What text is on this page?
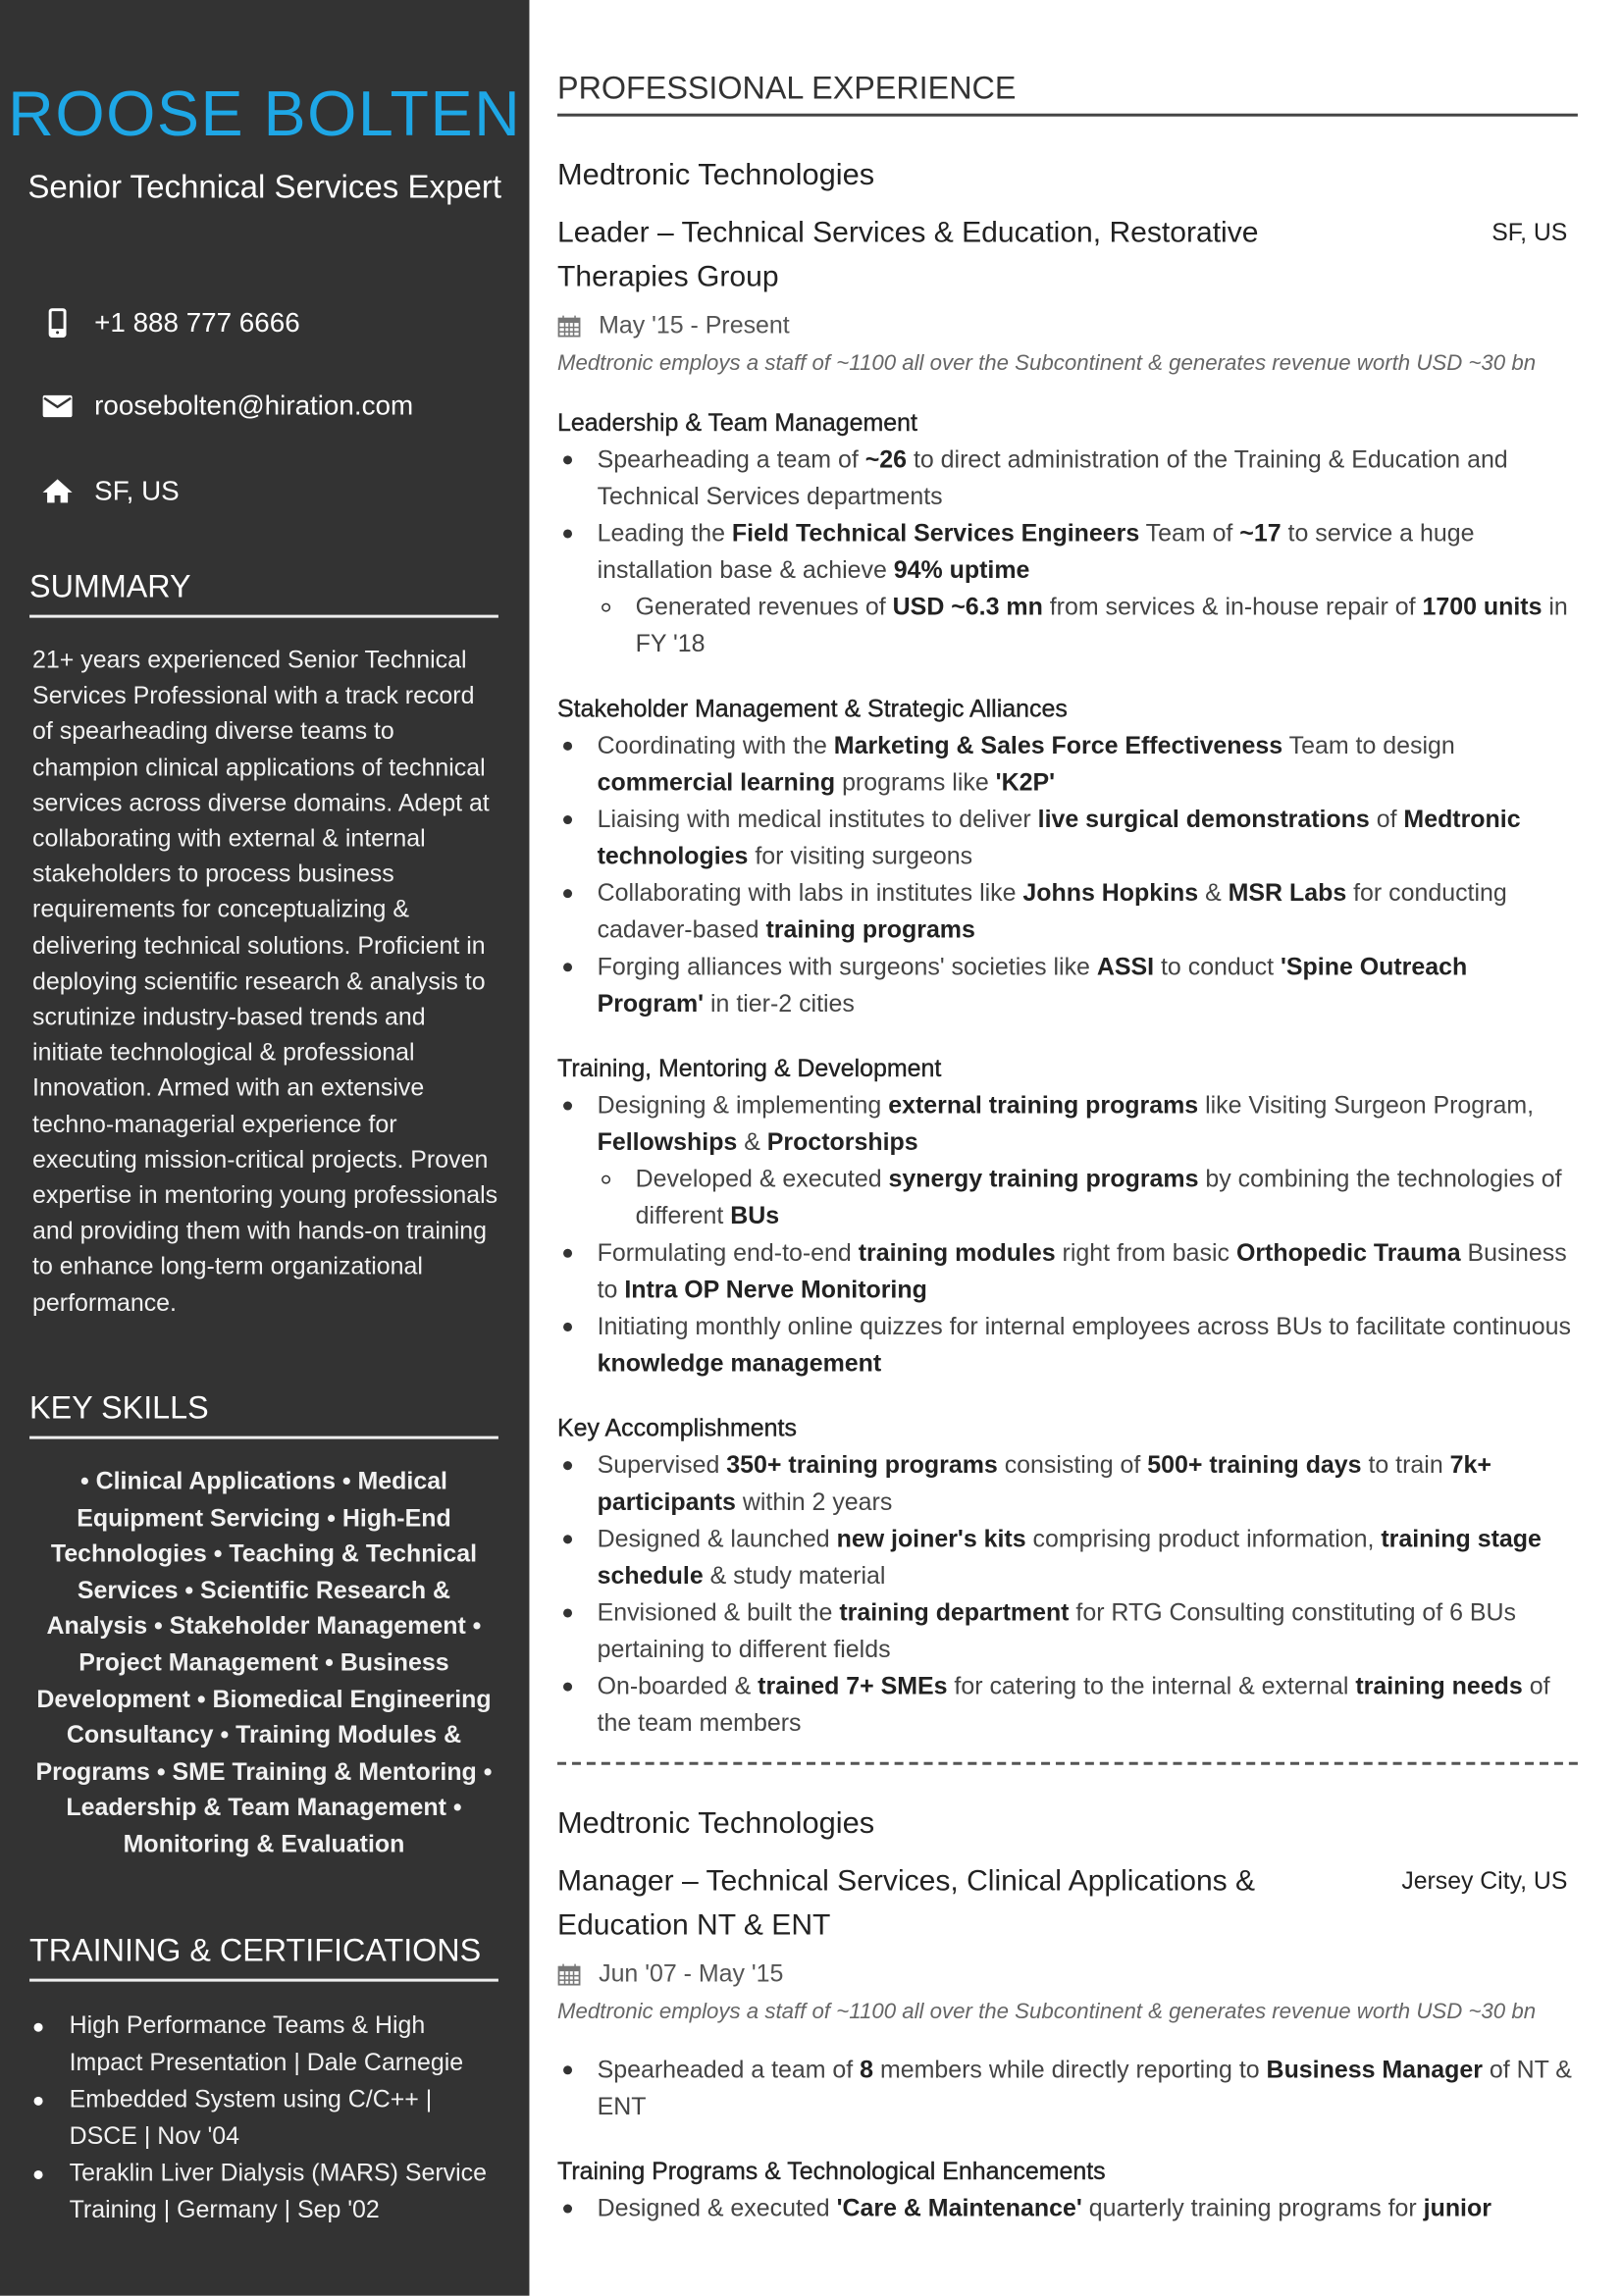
ROOSE BOLTEN
Senior Technical Services Expert
+1 888 777 6666
roosebolten@hiration.com
SF, US
SUMMARY
21+ years experienced Senior Technical Services Professional with a track record of spearheading diverse teams to champion clinical applications of technical services across diverse domains. Adept at collaborating with external & internal stakeholders to process business requirements for conceptualizing & delivering technical solutions. Proficient in deploying scientific research & analysis to scrutinize industry-based trends and initiate technological & professional Innovation. Armed with an extensive techno-managerial experience for executing mission-critical projects. Proven expertise in mentoring young professionals and providing them with hands-on training to enhance long-term organizational performance.
KEY SKILLS
• Clinical Applications • Medical Equipment Servicing • High-End Technologies • Teaching & Technical Services • Scientific Research & Analysis • Stakeholder Management • Project Management • Business Development • Biomedical Engineering Consultancy • Training Modules & Programs • SME Training & Mentoring • Leadership & Team Management • Monitoring & Evaluation
TRAINING & CERTIFICATIONS
High Performance Teams & High Impact Presentation | Dale Carnegie
Embedded System using C/C++ | DSCE | Nov '04
Teraklin Liver Dialysis (MARS) Service Training | Germany | Sep '02
PROFESSIONAL EXPERIENCE
Medtronic Technologies
Leader – Technical Services & Education, Restorative Therapies Group
SF, US
May '15 - Present
Medtronic employs a staff of ~1100 all over the Subcontinent & generates revenue worth USD ~30 bn
Leadership & Team Management
Spearheading a team of ~26 to direct administration of the Training & Education and Technical Services departments
Leading the Field Technical Services Engineers Team of ~17 to service a huge installation base & achieve 94% uptime
Generated revenues of USD ~6.3 mn from services & in-house repair of 1700 units in FY '18
Stakeholder Management & Strategic Alliances
Coordinating with the Marketing & Sales Force Effectiveness Team to design commercial learning programs like 'K2P'
Liaising with medical institutes to deliver live surgical demonstrations of Medtronic technologies for visiting surgeons
Collaborating with labs in institutes like Johns Hopkins & MSR Labs for conducting cadaver-based training programs
Forging alliances with surgeons' societies like ASSI to conduct 'Spine Outreach Program' in tier-2 cities
Training, Mentoring & Development
Designing & implementing external training programs like Visiting Surgeon Program, Fellowships & Proctorships
Developed & executed synergy training programs by combining the technologies of different BUs
Formulating end-to-end training modules right from basic Orthopedic Trauma Business to Intra OP Nerve Monitoring
Initiating monthly online quizzes for internal employees across BUs to facilitate continuous knowledge management
Key Accomplishments
Supervised 350+ training programs consisting of 500+ training days to train 7k+ participants within 2 years
Designed & launched new joiner's kits comprising product information, training stage schedule & study material
Envisioned & built the training department for RTG Consulting constituting of 6 BUs pertaining to different fields
On-boarded & trained 7+ SMEs for catering to the internal & external training needs of the team members
Medtronic Technologies
Manager – Technical Services, Clinical Applications & Education NT & ENT
Jersey City, US
Jun '07 - May '15
Medtronic employs a staff of ~1100 all over the Subcontinent & generates revenue worth USD ~30 bn
Spearheaded a team of 8 members while directly reporting to Business Manager of NT & ENT
Training Programs & Technological Enhancements
Designed & executed 'Care & Maintenance' quarterly training programs for junior
